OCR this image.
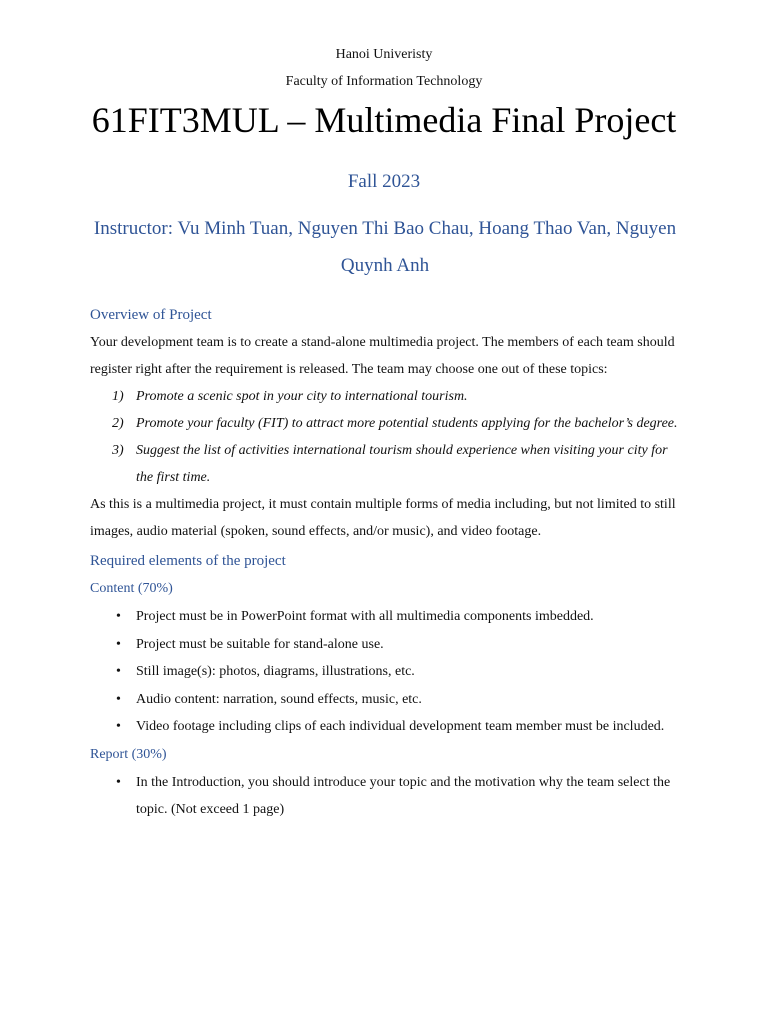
Hanoi Univeristy
Faculty of Information Technology
61FIT3MUL – Multimedia Final Project
Fall 2023
Instructor: Vu Minh Tuan, Nguyen Thi Bao Chau, Hoang Thao Van, Nguyen Quynh Anh
Overview of Project

Your development team is to create a stand-alone multimedia project. The members of each team should register right after the requirement is released. The team may choose one out of these topics:

1) Promote a scenic spot in your city to international tourism.
2) Promote your faculty (FIT) to attract more potential students applying for the bachelor’s degree.
3) Suggest the list of activities international tourism should experience when visiting your city for the first time.

As this is a multimedia project, it must contain multiple forms of media including, but not limited to still images, audio material (spoken, sound effects, and/or music), and video footage.

Required elements of the project
Content (70%)
• Project must be in PowerPoint format with all multimedia components imbedded.
• Project must be suitable for stand-alone use.
• Still image(s): photos, diagrams, illustrations, etc.
• Audio content: narration, sound effects, music, etc.
• Video footage including clips of each individual development team member must be included.
Report (30%)
• In the Introduction, you should introduce your topic and the motivation why the team select the topic. (Not exceed 1 page)
